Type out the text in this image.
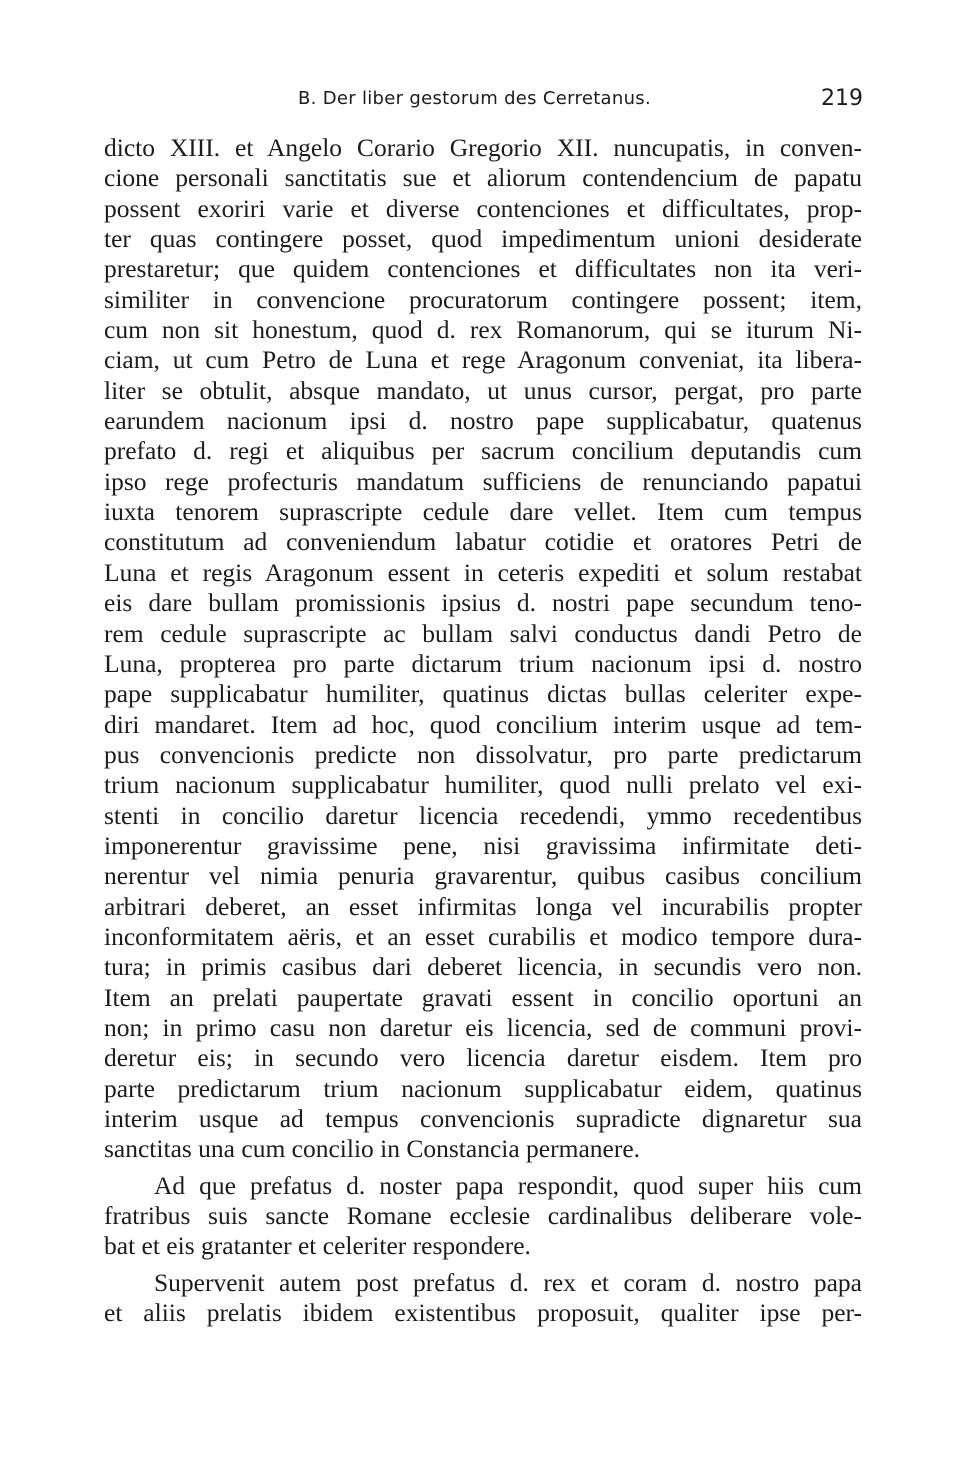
B. Der liber gestorum des Cerretanus.	219
dicto XIII. et Angelo Corario Gregorio XII. nuncupatis, in conven-
cione personali sanctitatis sue et aliorum contendencium de papatu
possent exoriri varie et diverse contenciones et difficultates, prop-
ter quas contingere posset, quod impedimentum unioni desiderate
prestaretur; que quidem contenciones et difficultates non ita veri-
similiter in convencione procuratorum contingere possent; item,
cum non sit honestum, quod d. rex Romanorum, qui se iturum Ni-
ciam, ut cum Petro de Luna et rege Aragonum conveniat, ita libera-
liter se obtulit, absque mandato, ut unus cursor, pergat, pro parte
earundem nacionum ipsi d. nostro pape supplicabatur, quatenus
prefato d. regi et aliquibus per sacrum concilium deputandis cum
ipso rege profecturis mandatum sufficiens de renunciando papatui
iuxta tenorem suprascripte cedule dare vellet. Item cum tempus
constitutum ad conveniendum labatur cotidie et oratores Petri de
Luna et regis Aragonum essent in ceteris expediti et solum restabat
eis dare bullam promissionis ipsius d. nostri pape secundum teno-
rem cedule suprascripte ac bullam salvi conductus dandi Petro de
Luna, propterea pro parte dictarum trium nacionum ipsi d. nostro
pape supplicabatur humiliter, quatinus dictas bullas celeriter expe-
diri mandaret. Item ad hoc, quod concilium interim usque ad tem-
pus convencionis predicte non dissolvatur, pro parte predictarum
trium nacionum supplicabatur humiliter, quod nulli prelato vel exi-
stenti in concilio daretur licencia recedendi, ymmo recedentibus
imponerentur gravissime pene, nisi gravissima infirmitate deti-
nerentur vel nimia penuria gravarentur, quibus casibus concilium
arbitrari deberet, an esset infirmitas longa vel incurabilis propter
inconformitatem aëris, et an esset curabilis et modico tempore dura-
tura; in primis casibus dari deberet licencia, in secundis vero non.
Item an prelati paupertate gravati essent in concilio oportuni an
non; in primo casu non daretur eis licencia, sed de communi provi-
deretur eis; in secundo vero licencia daretur eisdem. Item pro
parte predictarum trium nacionum supplicabatur eidem, quatinus
interim usque ad tempus convencionis supradicte dignaretur sua
sanctitas una cum concilio in Constancia permanere.
Ad que prefatus d. noster papa respondit, quod super hiis cum
fratribus suis sancte Romane ecclesie cardinalibus deliberare vole-
bat et eis gratanter et celeriter respondere.
Supervenit autem post prefatus d. rex et coram d. nostro papa
et aliis prelatis ibidem existentibus proposuit, qualiter ipse per-
